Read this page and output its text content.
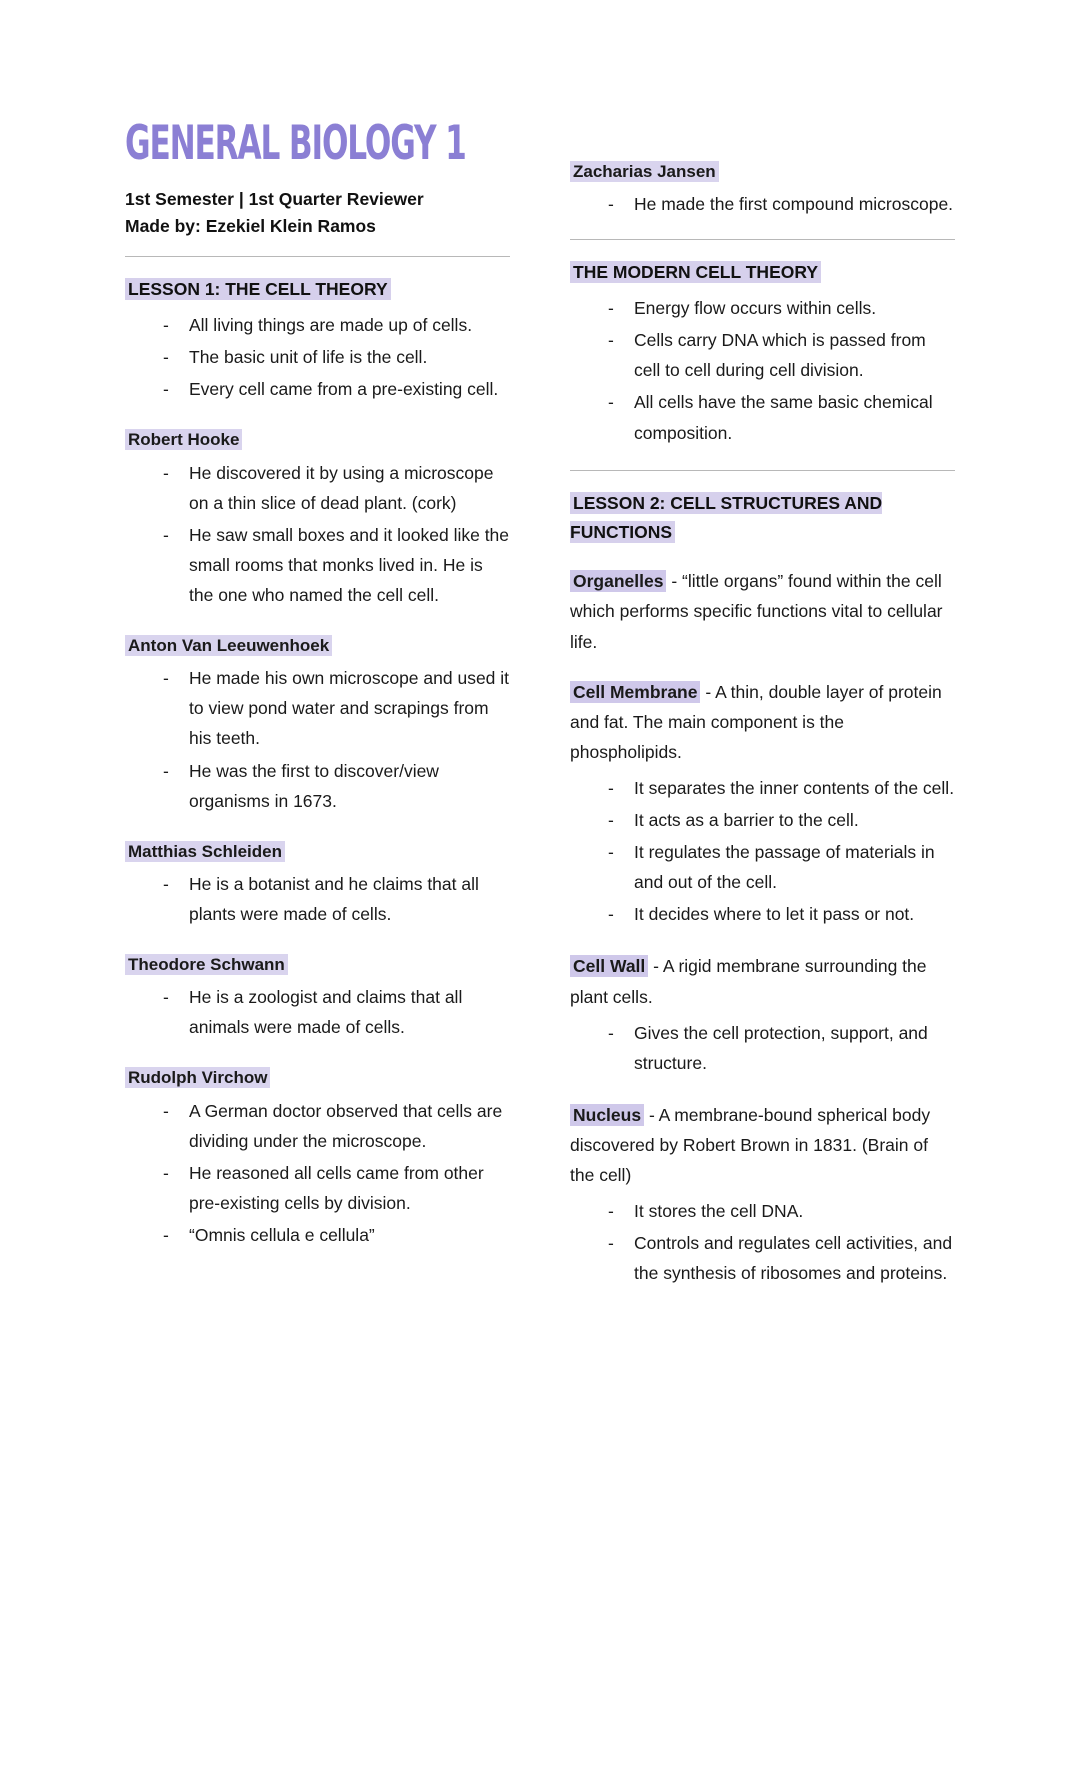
GENERAL BIOLOGY 1

1st Semester | 1st Quarter Reviewer

Made by: Ezekiel Klein Ramos

LESSON 1: THE CELL THEORY

- All living things are made up of cells.
- The basic unit of life is the cell.
- Every cell came from a pre-existing cell.

Robert Hooke

- He discovered it by using a microscope on a thin slice of dead plant. (cork)
- He saw small boxes and it looked like the small rooms that monks lived in. He is the one who named the cell cell.

Anton Van Leeuwenhoek

- He made his own microscope and used it to view pond water and scrapings from his teeth.
- He was the first to discover/view organisms in 1673.

Matthias Schleiden

- He is a botanist and he claims that all plants were made of cells.

Theodore Schwann

- He is a zoologist and claims that all animals were made of cells.

Rudolph Virchow

- A German doctor observed that cells are dividing under the microscope.
- He reasoned all cells came from other pre-existing cells by division.
- “Omnis cellula e cellula”

Zacharias Jansen

- He made the first compound microscope.

THE MODERN CELL THEORY

- Energy flow occurs within cells.
- Cells carry DNA which is passed from cell to cell during cell division.
- All cells have the same basic chemical composition.

LESSON 2: CELL STRUCTURES AND FUNCTIONS

Organelles - “little organs” found within the cell which performs specific functions vital to cellular life.

Cell Membrane - A thin, double layer of protein and fat. The main component is the phospholipids.

- It separates the inner contents of the cell.
- It acts as a barrier to the cell.
- It regulates the passage of materials in and out of the cell.
- It decides where to let it pass or not.

Cell Wall - A rigid membrane surrounding the plant cells.

- Gives the cell protection, support, and structure.

Nucleus - A membrane-bound spherical body discovered by Robert Brown in 1831. (Brain of the cell)

- It stores the cell DNA.
- Controls and regulates cell activities, and the synthesis of ribosomes and proteins.
